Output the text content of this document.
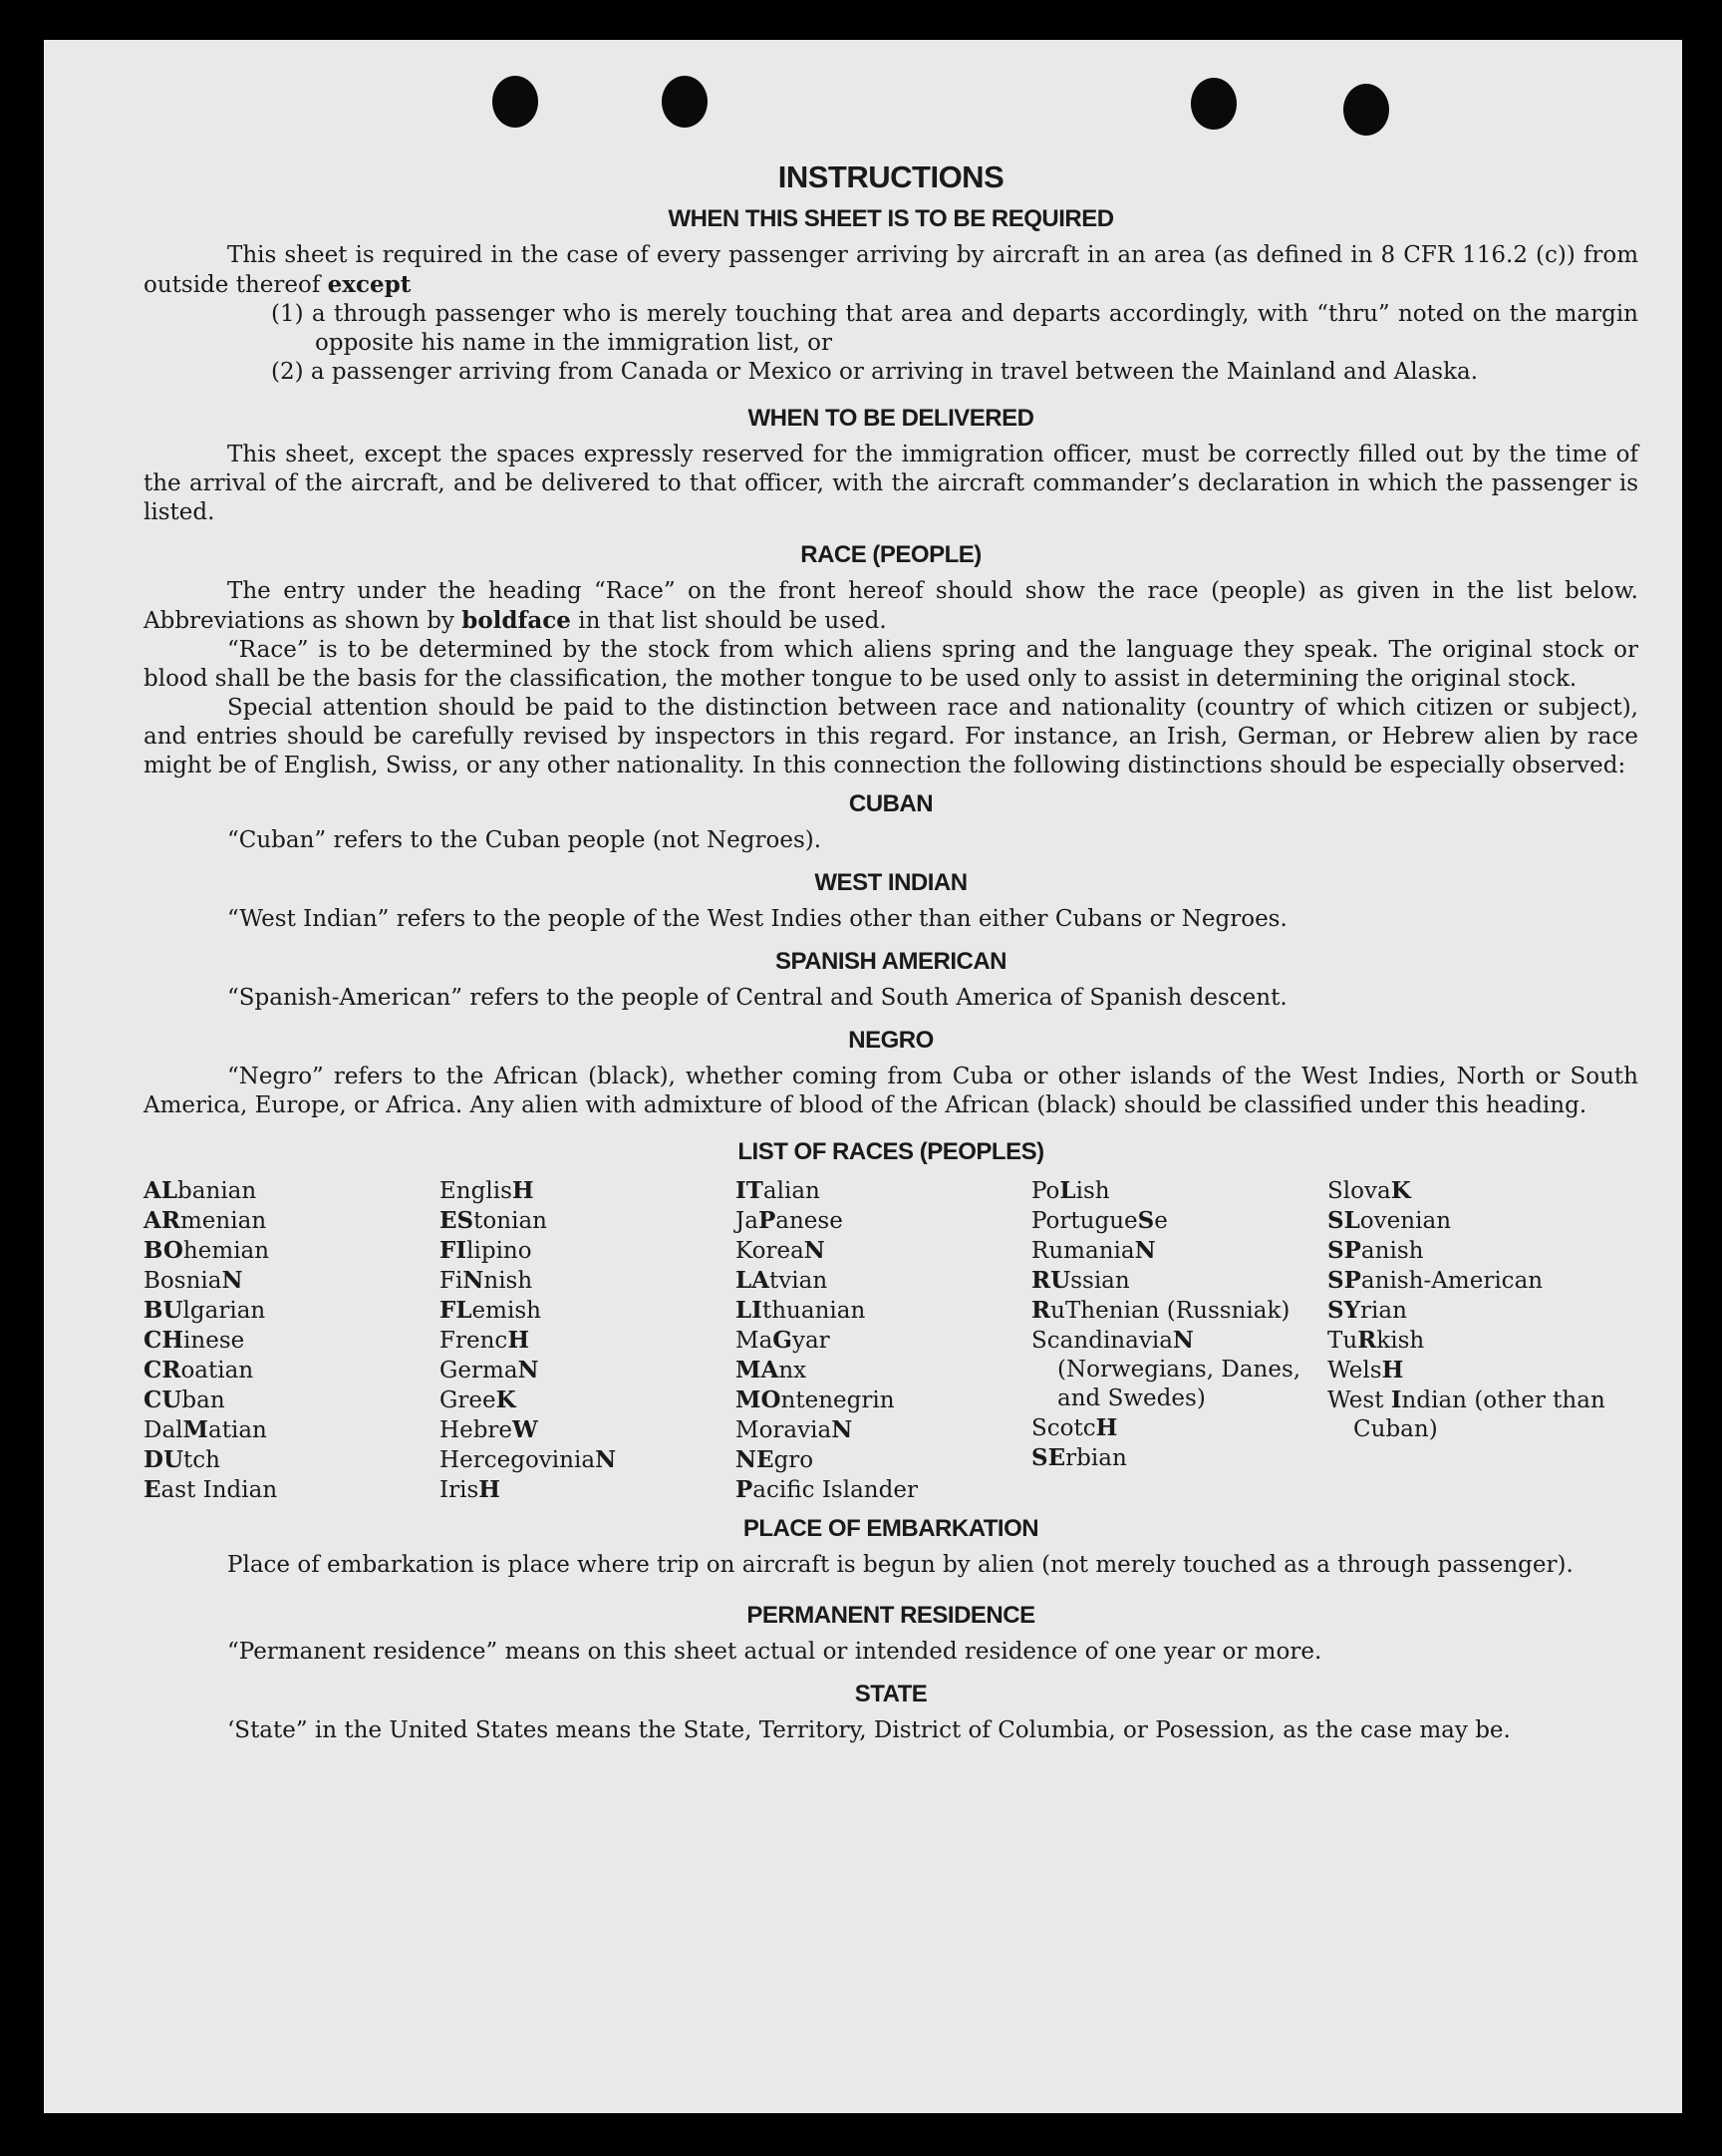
INSTRUCTIONS
WHEN THIS SHEET IS TO BE REQUIRED

This sheet is required in the case of every passenger arriving by aircraft in an area (as defined in 8 CFR 116.2 (c)) from outside thereof except

(1) a through passenger who is merely touching that area and departs accordingly, with “thru” noted on the margin opposite his name in the immigration list, or

(2) a passenger arriving from Canada or Mexico or arriving in travel between the Mainland and Alaska.

WHEN TO BE DELIVERED

This sheet, except the spaces expressly reserved for the immigration officer, must be correctly filled out by the time of the arrival of the aircraft, and be delivered to that officer, with the aircraft commander’s declaration in which the passenger is listed.

RACE (PEOPLE)

The entry under the heading “Race” on the front hereof should show the race (people) as given in the list below. Abbreviations as shown by boldface in that list should be used.

“Race” is to be determined by the stock from which aliens spring and the language they speak. The original stock or blood shall be the basis for the classification, the mother tongue to be used only to assist in determining the original stock.

Special attention should be paid to the distinction between race and nationality (country of which citizen or subject), and entries should be carefully revised by inspectors in this regard. For instance, an Irish, German, or Hebrew alien by race might be of English, Swiss, or any other nationality. In this connection the following distinctions should be especially observed:

CUBAN

“Cuban” refers to the Cuban people (not Negroes).

WEST INDIAN

“West Indian” refers to the people of the West Indies other than either Cubans or Negroes.

SPANISH AMERICAN

“Spanish-American” refers to the people of Central and South America of Spanish descent.

NEGRO

“Negro” refers to the African (black), whether coming from Cuba or other islands of the West Indies, North or South America, Europe, or Africa. Any alien with admixture of blood of the African (black) should be classified under this heading.

LIST OF RACES (PEOPLES)
ALbanian
ARmenian
BOhemian
BosniaN
BUlgarian
CHinese
CRoatian
CUban
DalMatian
DUtch
East Indian
EnglisH
EStonian
FIlipino
FiNnish
FLemish
FrencH
GermaN
GreeK
HebreW
HercegoviniaN
IrisH
ITalian
JaPanese
KoreaN
LAtvian
LIthuanian
MaGyar
MAnx
MOntenegrin
MoraviaN
NEgro
Pacifc Islander
PoLish
PortugueSe
RumaniaN
RUssian
RuThenian (Russniak)
ScandinaviaN (Norwegians, Danes, and Swedes)
ScotcH
SErbian
SlovaK
SLovenian
SPanish
SPanish-American
SYrian
TuRkish
WelsH
West Indian (other than Cuban)
PLACE OF EMBARKATION

Place of embarkation is place where trip on aircraft is begun by alien (not merely touched as a through passenger).

PERMANENT RESIDENCE

“Permanent residence” means on this sheet actual or intended residence of one year or more.

STATE

‘State” in the United States means the State, Territory, District of Columbia, or Posession, as the case may be.
